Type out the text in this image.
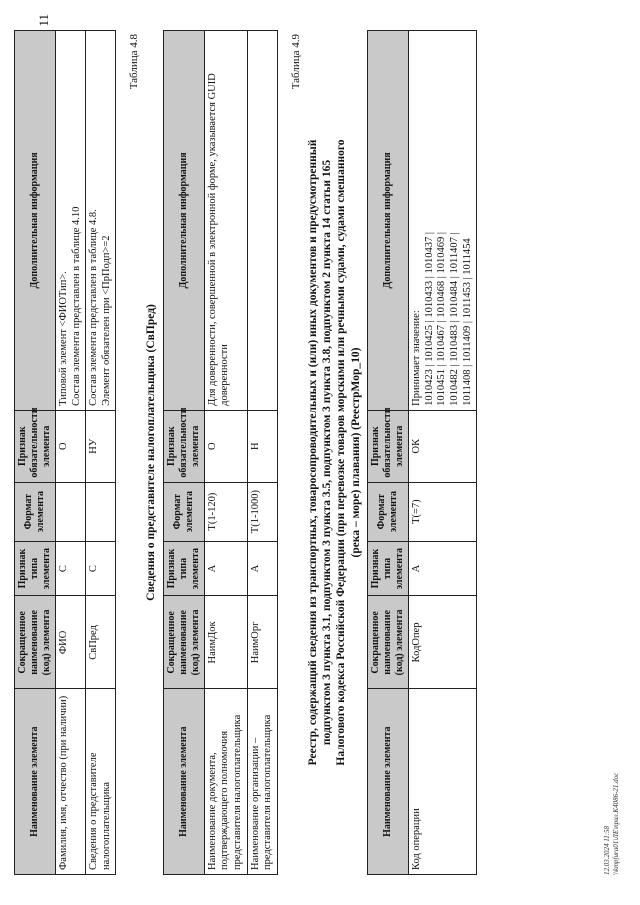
11
Наименование элемента	Сокращенное наименование (код) элемента	Признак типа элемента	Формат элемента	Признак обязательности элемента	Дополнительная информация
Фамилия, имя, отчество (при наличии)	ФИО	С		О	Типовой элемент <ФИОТип>. Состав элемента представлен в таблице 4.10

Сведения о представителе налогоплательщика	СвПред	С		НУ	Состав элемента представлен в таблице 4.8. Элемент обязателен при <ПрПодп>=2
Таблица 4.8
Сведения о представителе налогоплательщика (СвПред)
Наименование элемента	Сокращенное наименование (код) элемента	Признак типа элемента	Формат элемента	Признак обязательности элемента	Дополнительная информация
Наименование документа, подтверждающего полномочия представителя налогоплательщика	НаимДок	А	T(1-120)	О	Для доверенности, совершенной в электронной форме, указывается GUID доверенности
Наименование организации – представителя налогоплательщика	НаимОрг	А	T(1-1000)	Н	
Таблица 4.9
Реестр, содержащий сведения из транспортных, товаросопроводительных и (или) иных документов и предусмотренный подпунктом 3 пункта 3.1, подпунктом 3 пункта 3.5, подпунктом 3 пункта 3.8, подпунктом 2 пункта 14 статьи 165 Налогового кодекса Российской Федерации (при перевозке товаров морскими или речными судами, судами смешанного (река – море) плавания) (РеестрМор_10)
Наименование элемента	Сокращенное наименование (код) элемента	Признак типа элемента	Формат элемента	Признак обязательности элемента	Дополнительная информация
Код операции	КодОпер	А	T(=7)	ОК	Принимает значение: 1010423 | 1010425 | 1010433 | 1010437 | 1010451 | 1010467 | 1010468 | 1010469 | 1010482 | 1010483 | 1010484 | 1011407 | 1011408 | 1011409 | 1011453 | 1011454
12.03.2024 11:58 \\kmpfura01\ЛЕ\прил.К4086-21.doc
